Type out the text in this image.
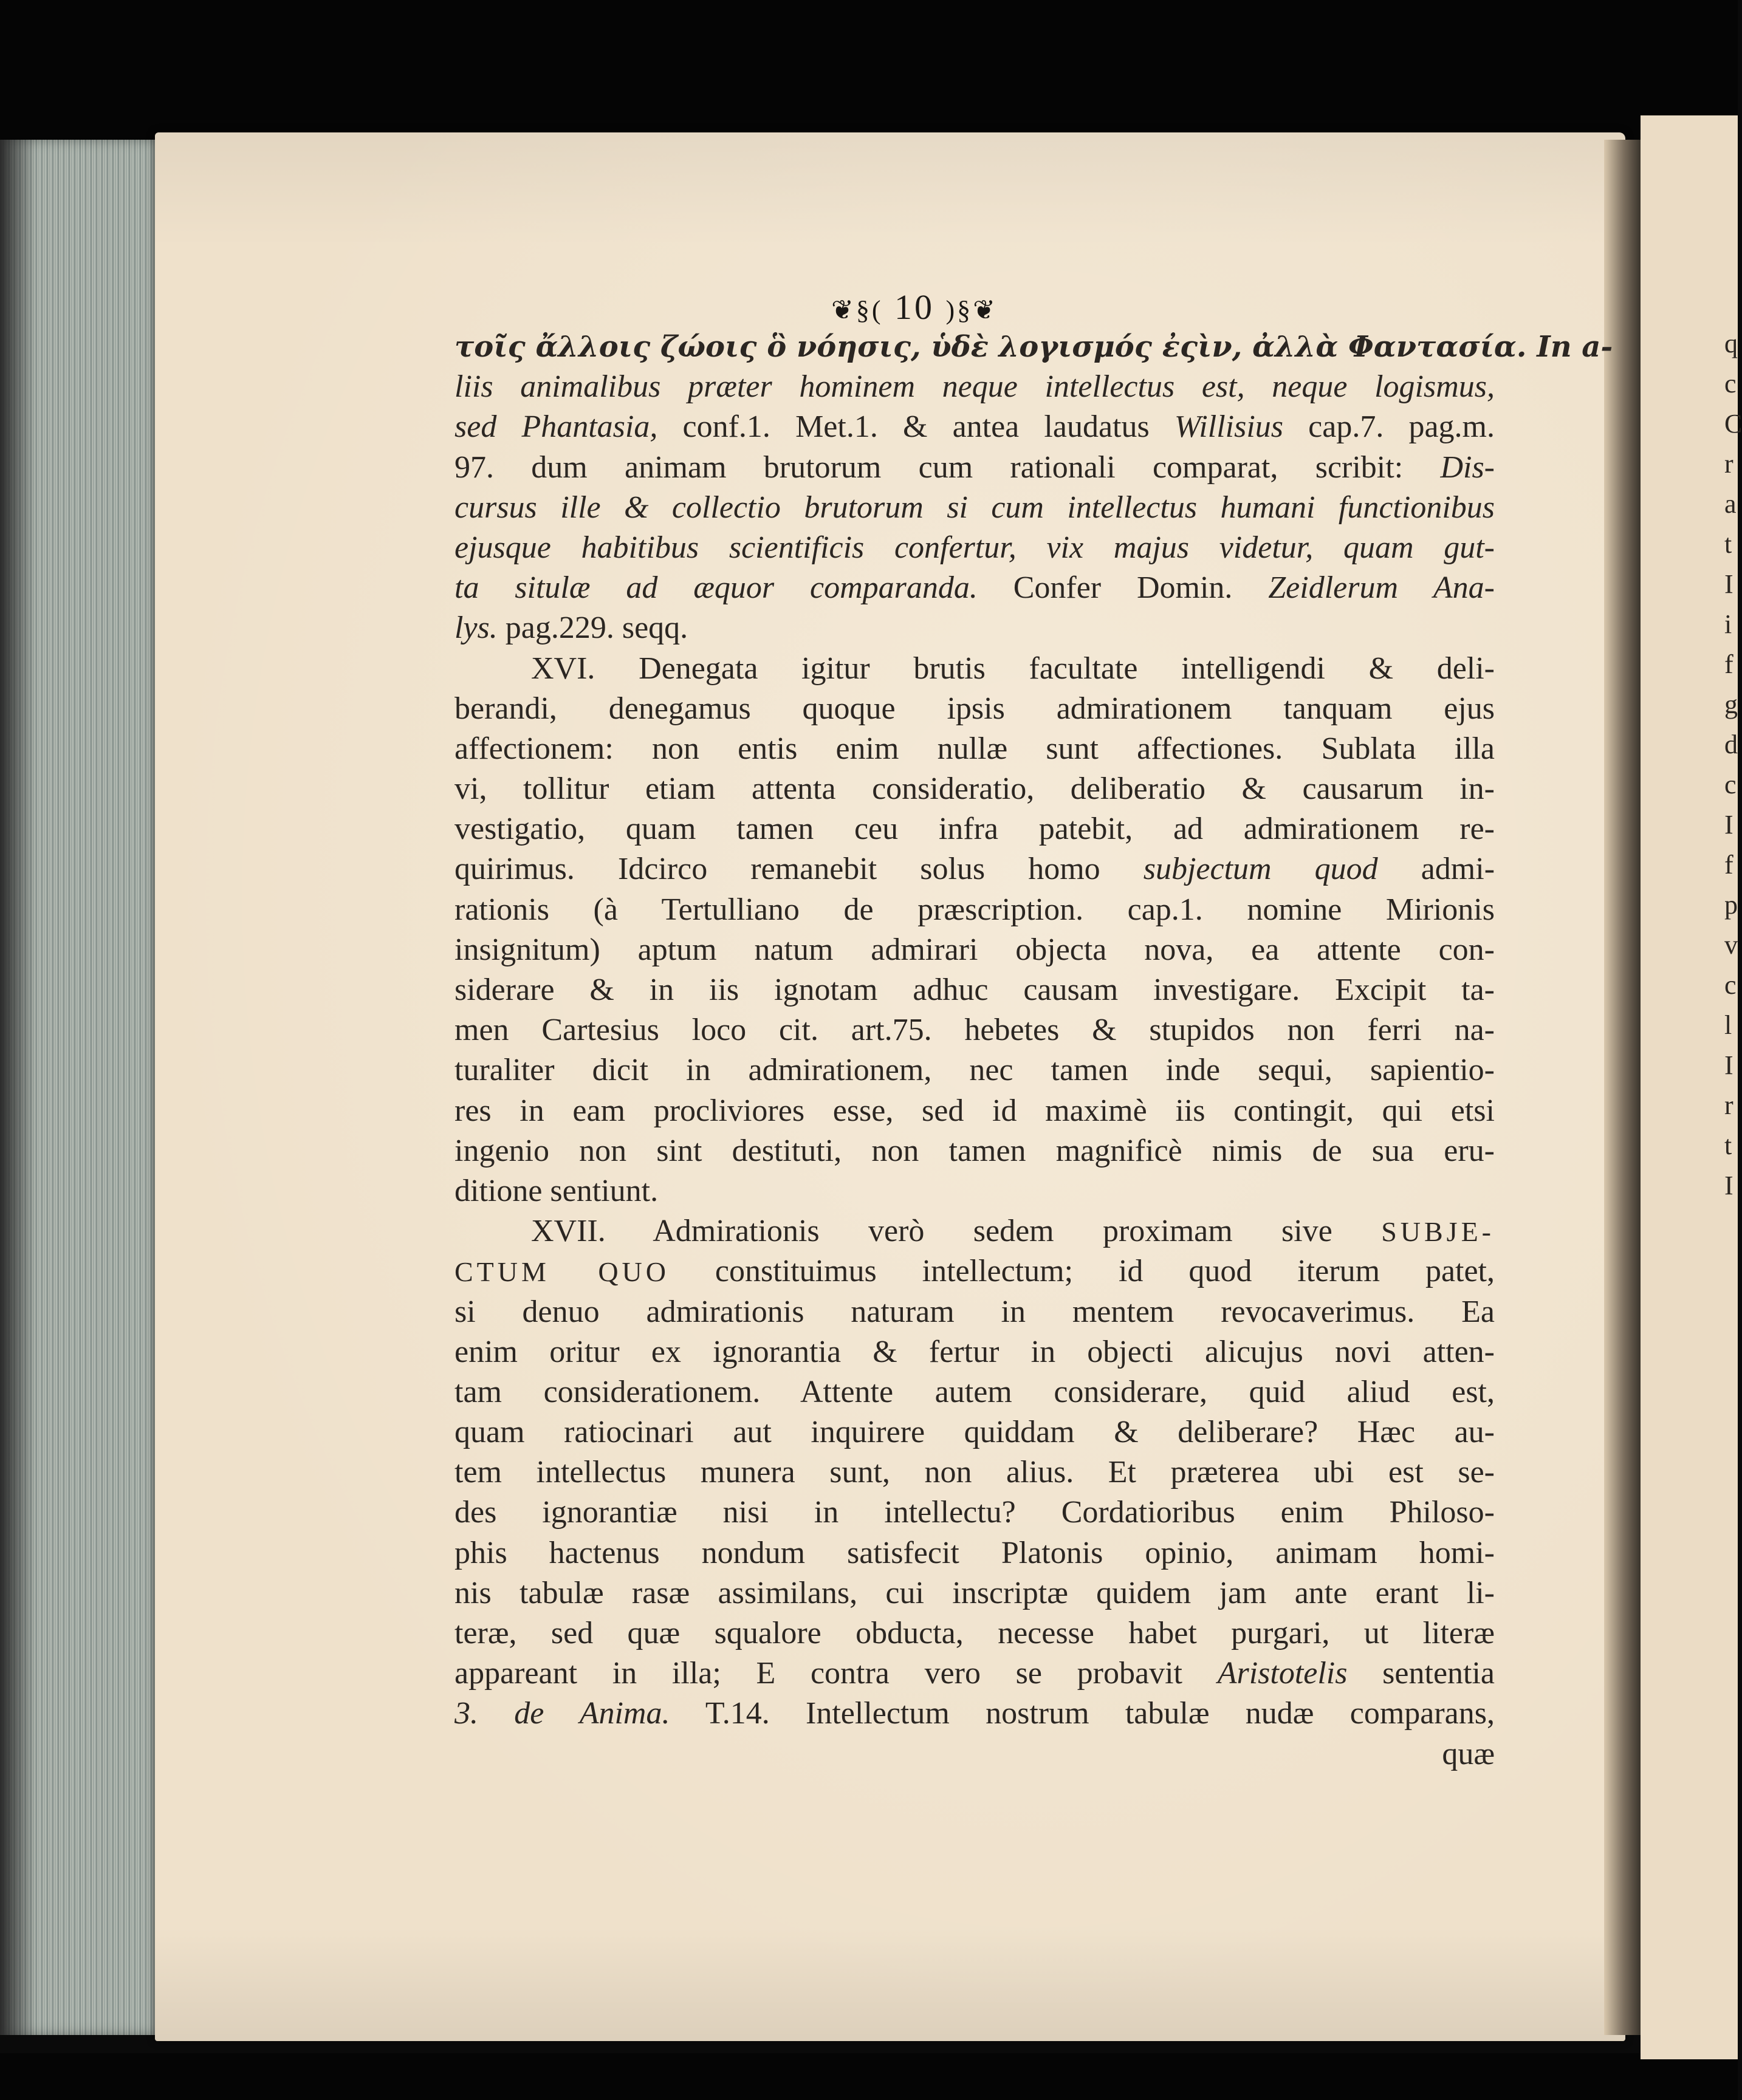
q
c
C
r
a
t
I
i
f
g
d
c
I
f
p
v
c
l
I
r
t
I
❦§( 10 )§❦
τοῖς ἄλλοις ζώοις ὃ νόησις, ὑδὲ λογισμός ἐςὶν, ἀλλὰ Φαντασία. In a-
liis animalibus præter hominem neque intellectus est, neque logismus,
sed Phantasia, conf.1. Met.1. & antea laudatus Willisius cap.7. pag.m.
97. dum animam brutorum cum rationali comparat, scribit: Dis-
cursus ille & collectio brutorum si cum intellectus humani functionibus
ejusque habitibus scientificis confertur, vix majus videtur, quam gut-
ta situlæ ad æquor comparanda. Confer Domin. Zeidlerum Ana-
lys. pag.229. seqq.
XVI. Denegata igitur brutis facultate intelligendi & deli-
berandi, denegamus quoque ipsis admirationem tanquam ejus
affectionem: non entis enim nullæ sunt affectiones. Sublata illa
vi, tollitur etiam attenta consideratio, deliberatio & causarum in-
vestigatio, quam tamen ceu infra patebit, ad admirationem re-
quirimus. Idcirco remanebit solus homo subjectum quod admi-
rationis (à Tertulliano de præscription. cap.1. nomine Mirionis
insignitum) aptum natum admirari objecta nova, ea attente con-
siderare & in iis ignotam adhuc causam investigare. Excipit ta-
men Cartesius loco cit. art.75. hebetes & stupidos non ferri na-
turaliter dicit in admirationem, nec tamen inde sequi, sapientio-
res in eam procliviores esse, sed id maximè iis contingit, qui etsi
ingenio non sint destituti, non tamen magnificè nimis de sua eru-
ditione sentiunt.
XVII. Admirationis verò sedem proximam sive SUBJE-
CTUM QUO constituimus intellectum; id quod iterum patet,
si denuo admirationis naturam in mentem revocaverimus. Ea
enim oritur ex ignorantia & fertur in objecti alicujus novi atten-
tam considerationem. Attente autem considerare, quid aliud est,
quam ratiocinari aut inquirere quiddam & deliberare? Hæc au-
tem intellectus munera sunt, non alius. Et præterea ubi est se-
des ignorantiæ nisi in intellectu? Cordatioribus enim Philoso-
phis hactenus nondum satisfecit Platonis opinio, animam homi-
nis tabulæ rasæ assimilans, cui inscriptæ quidem jam ante erant li-
teræ, sed quæ squalore obducta, necesse habet purgari, ut literæ
appareant in illa; E contra vero se probavit Aristotelis sententia
3. de Anima. T.14. Intellectum nostrum tabulæ nudæ comparans,
quæ
